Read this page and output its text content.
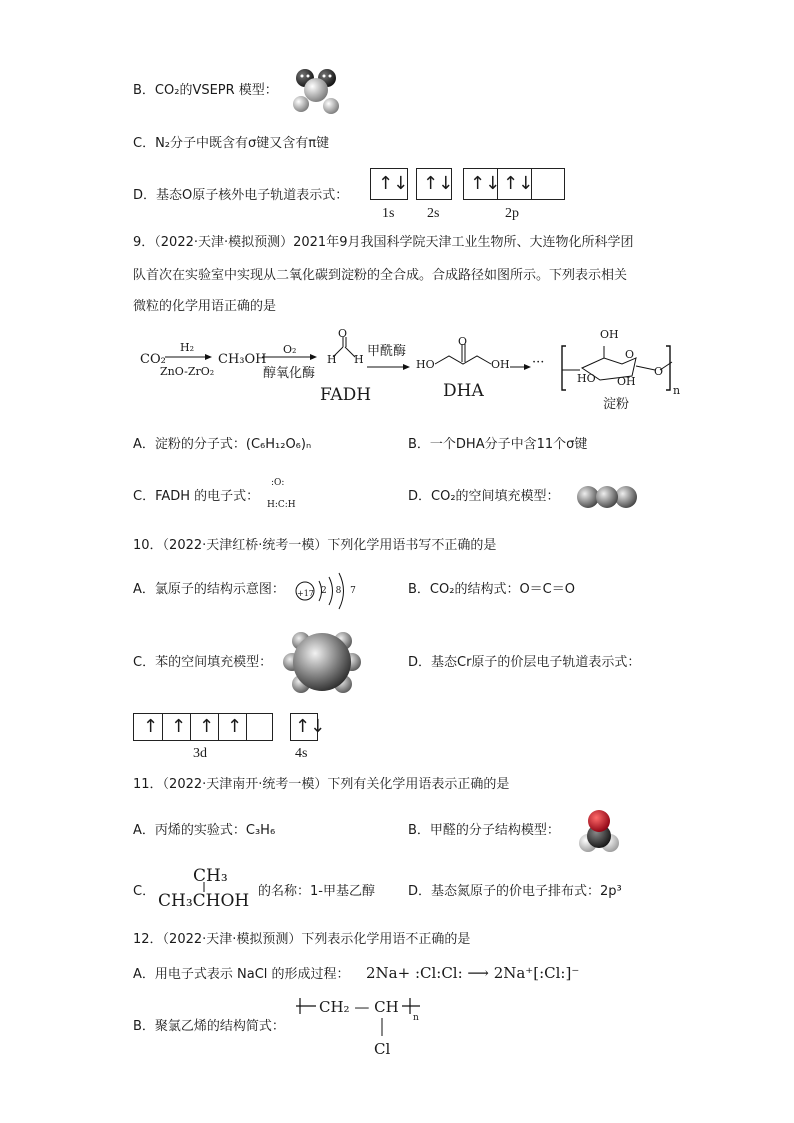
B．CO₂的VSEPR 模型：
C．N₂分子中既含有σ键又含有π键
D．基态O原子核外电子轨道表示式：
↑↓ ↑↓ ↑↓ ↑↓
1s 2s	2p
9．（2022·天津·模拟预测）2021年9月我国科学院天津工业生物所、大连物化所科学团
队首次在实验室中实现从二氧化碳到淀粉的全合成。合成路径如图所示。下列表示相关
微粒的化学用语正确的是
CO₂
H₂
ZnO-ZrO₂
CH₃OH
O₂
醇氧化酶
H H
O
FADH
甲酰酶
→ HO
O
OH
DHA
···
OH
HO OH
O
O
n
淀粉
A．淀粉的分子式：(C₆H₁₂O₆)ₙ	B．一个DHA分子中含11个σ键
C．FADH 的电子式：
:O:
H:C:H
D．CO₂的空间填充模型：
10．（2022·天津红桥·统考一模）下列化学用语书写不正确的是
A．氯原子的结构示意图： +17 2 8 7	B．CO₂的结构式：O＝C＝O
C．苯的空间填充模型：	D．基态Cr原子的价层电子轨道表示式：
↑ ↑ ↑ ↑	↑↓
3d	4s
11．（2022·天津南开·统考一模）下列有关化学用语表示正确的是
A．丙烯的实验式：C₃H₆	B．甲醛的分子结构模型：
C．
CH₃
CH₃CHOH 的名称：1-甲基乙醇	D．基态氮原子的价电子排布式：2p³
12．（2022·天津·模拟预测）下列表示化学用语不正确的是
A．用电子式表示 NaCl 的形成过程： 2Na+ :Cl:Cl: ⟶ 2Na⁺[:Cl:]⁻
B．聚氯乙烯的结构简式：
CH₂ — CH
n
Cl
